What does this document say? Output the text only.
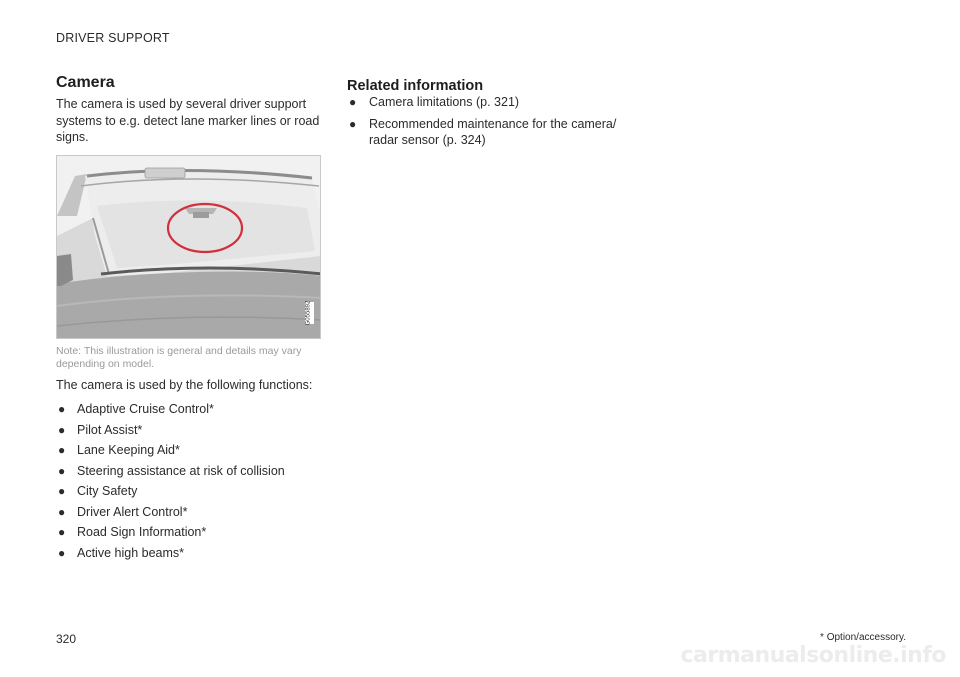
DRIVER SUPPORT
Camera

The camera is used by several driver support systems to e.g. detect lane marker lines or road signs.

G055892
Note: This illustration is general and details may vary depending on model.

The camera is used by the following functions:

● Adaptive Cruise Control*
● Pilot Assist*
● Lane Keeping Aid*
● Steering assistance at risk of collision
● City Safety
● Driver Alert Control*
● Road Sign Information*
● Active high beams*
Related information
● Camera limitations (p. 321)
● Recommended maintenance for the camera/ radar sensor (p. 324)
320	* Option/accessory.
carmanualsonline.info
